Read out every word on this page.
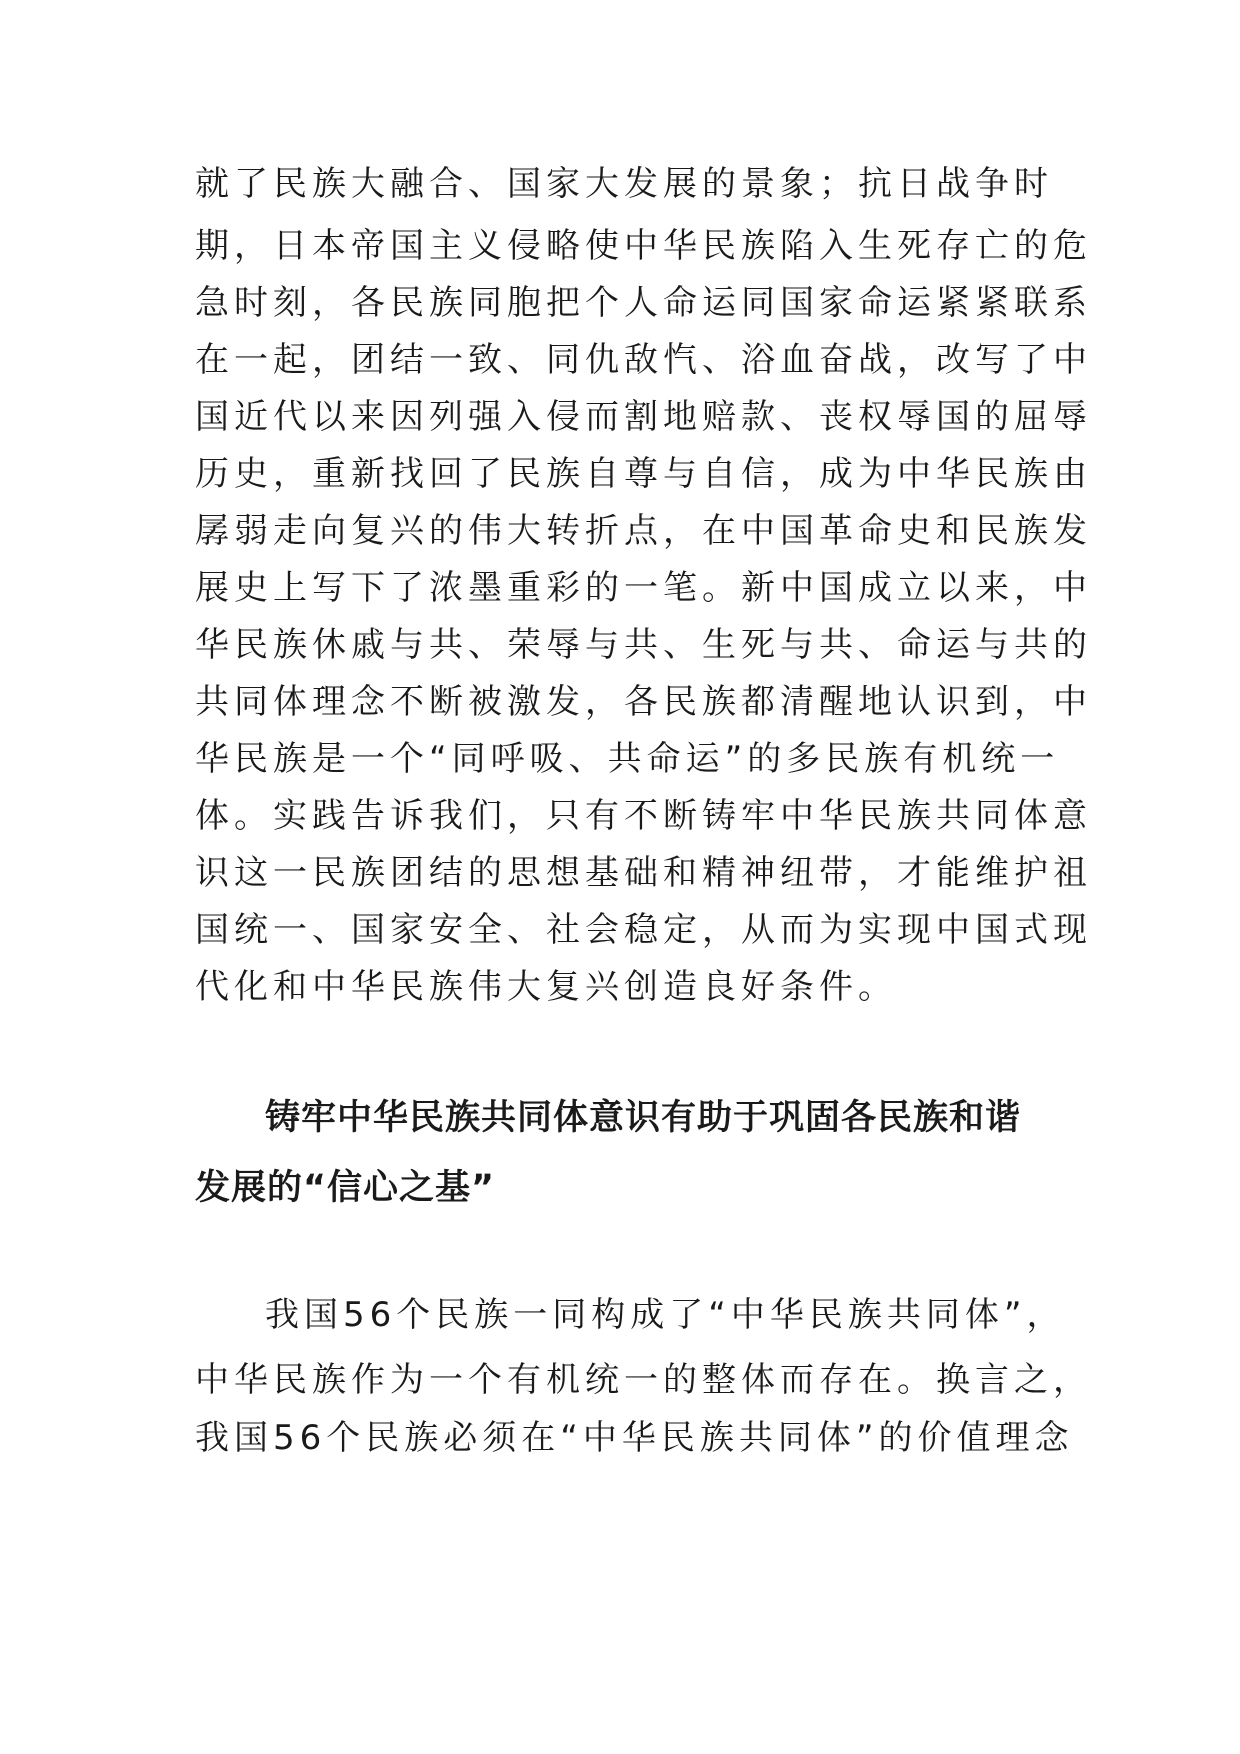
就了民族大融合、国家大发展的景象；抗日战争时
期，日本帝国主义侵略使中华民族陷入生死存亡的危
急时刻，各民族同胞把个人命运同国家命运紧紧联系
在一起，团结一致、同仇敌忾、浴血奋战，改写了中
国近代以来因列强入侵而割地赔款、丧权辱国的屈辱
历史，重新找回了民族自尊与自信，成为中华民族由
孱弱走向复兴的伟大转折点，在中国革命史和民族发
展史上写下了浓墨重彩的一笔。新中国成立以来，中
华民族休戚与共、荣辱与共、生死与共、命运与共的
共同体理念不断被激发，各民族都清醒地认识到，中
华民族是一个“同呼吸、共命运”的多民族有机统一
体。实践告诉我们，只有不断铸牢中华民族共同体意
识这一民族团结的思想基础和精神纽带，才能维护祖
国统一、国家安全、社会稳定，从而为实现中国式现
代化和中华民族伟大复兴创造良好条件。
铸牢中华民族共同体意识有助于巩固各民族和谐
发展的“信心之基”
我国56个民族一同构成了“中华民族共同体”，
中华民族作为一个有机统一的整体而存在。换言之，
我国56个民族必须在“中华民族共同体”的价值理念
